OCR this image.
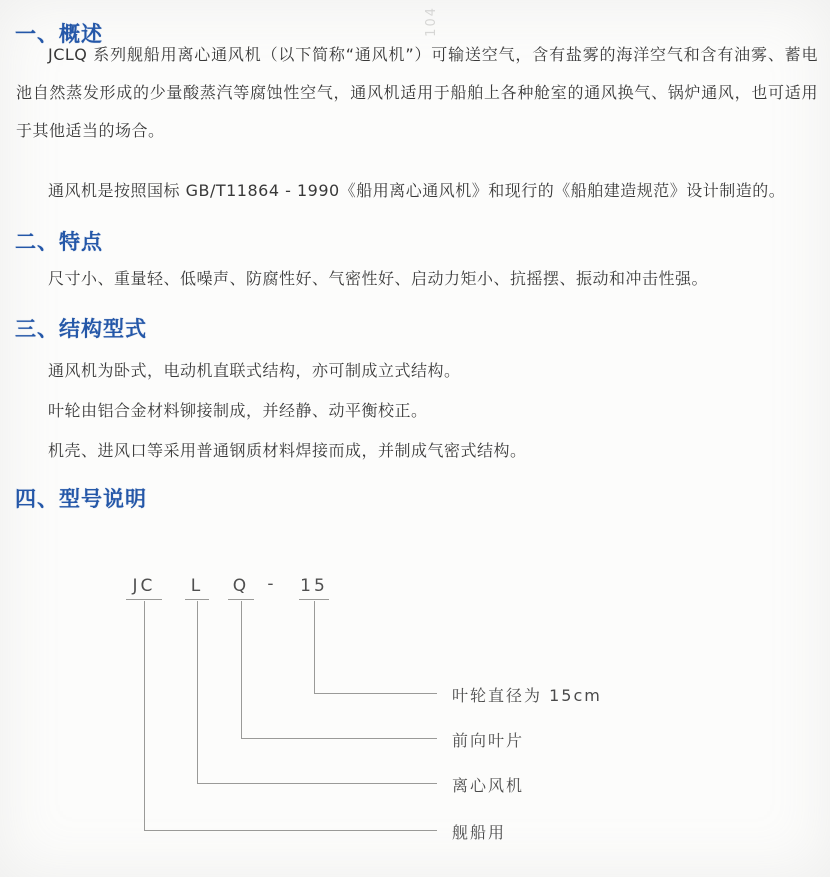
104
一、概述

JCLQ 系列舰船用离心通风机（以下简称“通风机”）可输送空气，含有盐雾的海洋空气和含有油雾、蓄电池自然蒸发形成的少量酸蒸汽等腐蚀性空气，通风机适用于船舶上各种舱室的通风换气、锅炉通风，也可适用于其他适当的场合。

通风机是按照国标 GB/T11864 - 1990《船用离心通风机》和现行的《船舶建造规范》设计制造的。

二、特点

尺寸小、重量轻、低噪声、防腐性好、气密性好、启动力矩小、抗摇摆、振动和冲击性强。

三、结构型式

通风机为卧式，电动机直联式结构，亦可制成立式结构。

叶轮由铝合金材料铆接制成，并经静、动平衡校正。

机壳、进风口等采用普通钢质材料焊接而成，并制成气密式结构。

四、型号说明
JC	L	Q - 15

叶轮直径为 15cm

前向叶片

离心风机

舰船用
